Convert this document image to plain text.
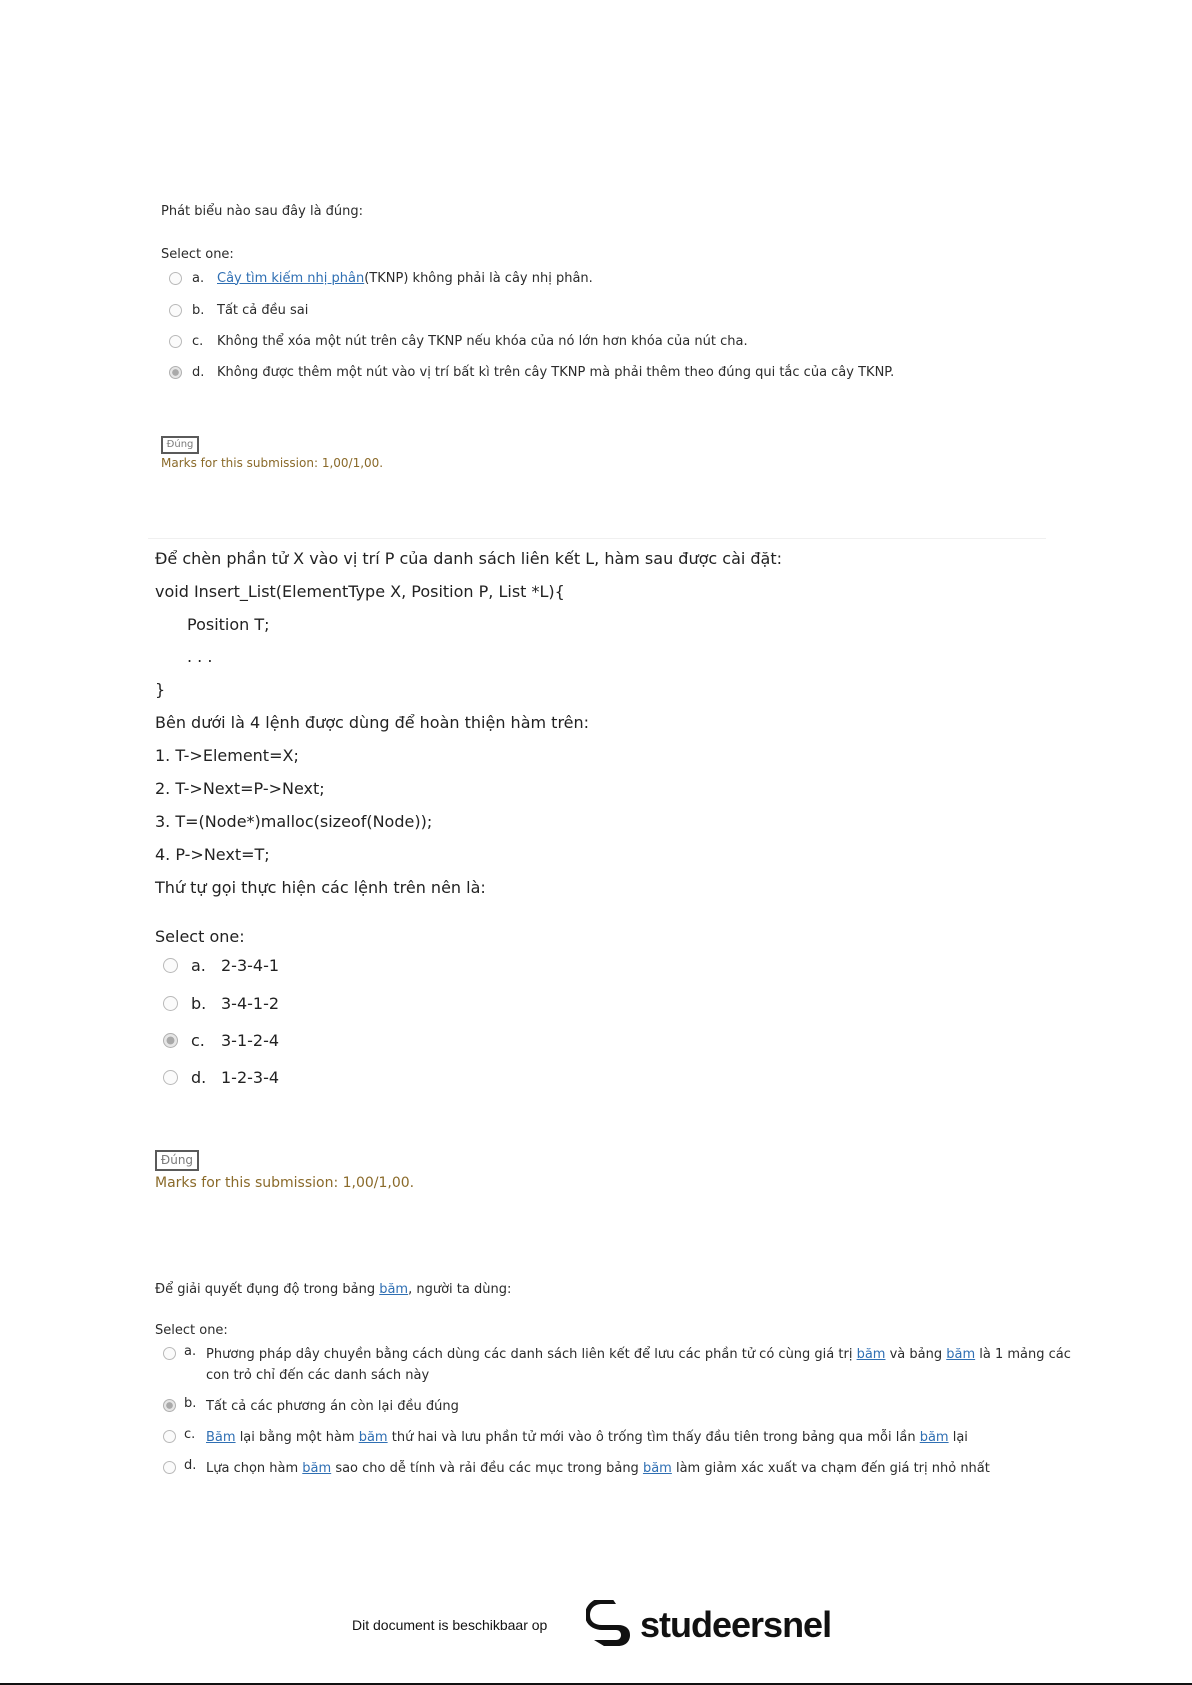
Phát biểu nào sau đây là đúng:
Select one:
a. Cây tìm kiếm nhị phân (TKNP) không phải là cây nhị phân.
b. Tất cả đều sai
c.	Không thể xóa một nút trên cây TKNP nếu khóa của nó lớn hơn khóa của nút cha.
d. Không được thêm một nút vào vị trí bất kì trên cây TKNP mà phải thêm theo đúng qui tắc của cây TKNP.
Đúng
Marks for this submission: 1,00/1,00.
Để chèn phần tử X vào vị trí P của danh sách liên kết L, hàm sau được cài đặt:
void Insert_List(ElementType X, Position P, List *L){
Position T;
. . .
}
Bên dưới là 4 lệnh được dùng để hoàn thiện hàm trên:
1. T->Element=X;
2. T->Next=P->Next;
3. T=(Node*)malloc(sizeof(Node));
4. P->Next=T;
Thứ tự gọi thực hiện các lệnh trên nên là:
Select one:
a. 2-3-4-1
b. 3-4-1-2
c.	3-1-2-4
d. 1-2-3-4
Đúng
Marks for this submission: 1,00/1,00.
Để giải quyết đụng độ trong bảng băm, người ta dùng:
Select one:
a. Phương pháp dây chuyền bằng cách dùng các danh sách liên kết để lưu các phần tử có cùng giá trị băm và bảng băm là 1 mảng các
con trỏ chỉ đến các danh sách này
b. Tất cả các phương án còn lại đều đúng
c. Băm lại bằng một hàm băm thứ hai và lưu phần tử mới vào ô trống tìm thấy đầu tiên trong bảng qua mỗi lần băm lại
d. Lựa chọn hàm băm sao cho dễ tính và rải đều các mục trong bảng băm làm giảm xác xuất va chạm đến giá trị nhỏ nhất
Dit document is beschikbaar op	studeersnel
